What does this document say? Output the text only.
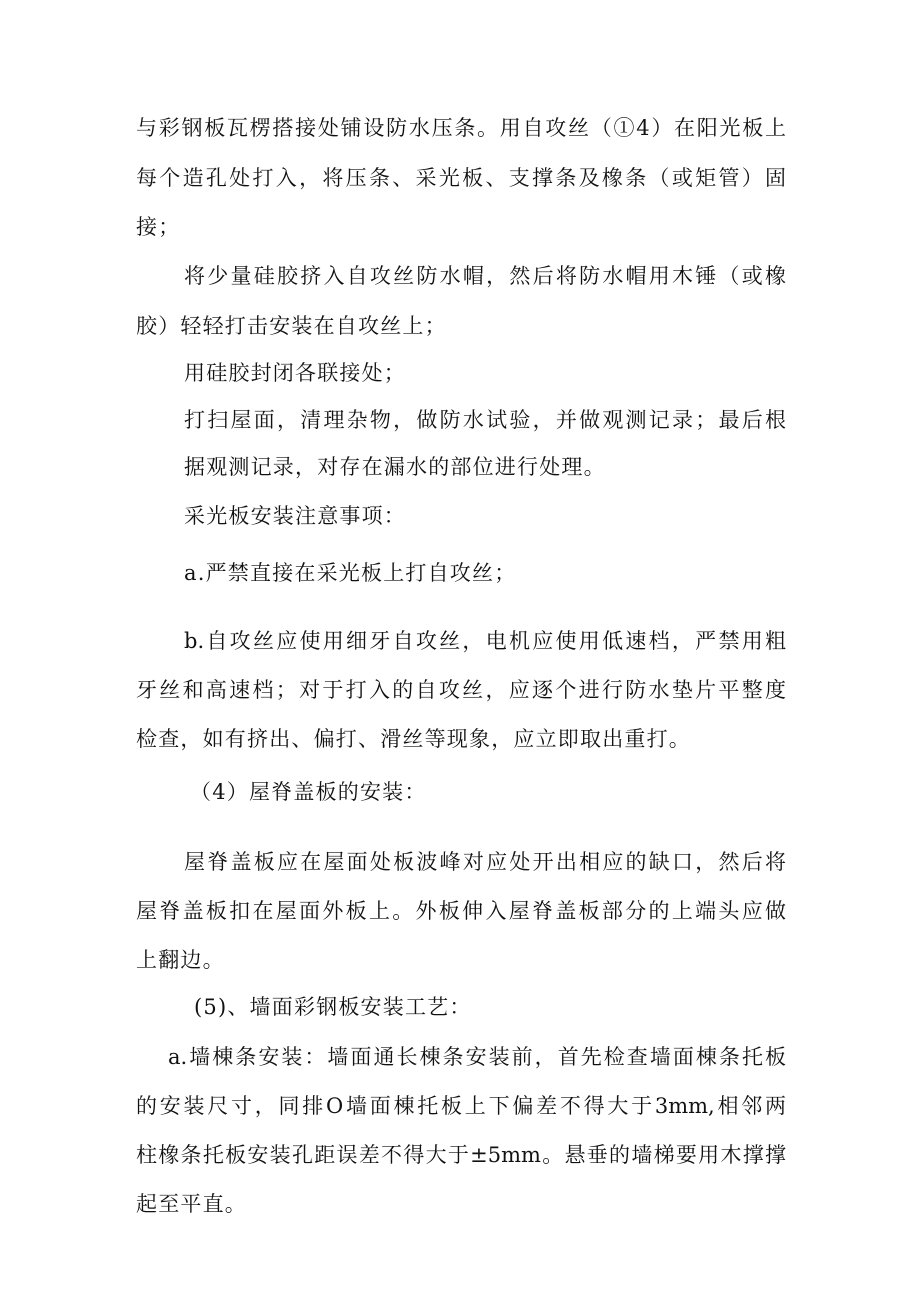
与彩钢板瓦楞搭接处铺设防水压条。用自攻丝（①4）在阳光板上
每个造孔处打入，将压条、采光板、支撑条及橡条（或矩管）固
接；
将少量硅胶挤入自攻丝防水帽，然后将防水帽用木锤（或橡
胶）轻轻打击安装在自攻丝上；
用硅胶封闭各联接处；
打扫屋面，清理杂物，做防水试验，并做观测记录；最后根
据观测记录，对存在漏水的部位进行处理。
采光板安装注意事项：
a.严禁直接在采光板上打自攻丝；
b.自攻丝应使用细牙自攻丝，电机应使用低速档，严禁用粗
牙丝和高速档；对于打入的自攻丝，应逐个进行防水垫片平整度
检查，如有挤出、偏打、滑丝等现象，应立即取出重打。
（4）屋脊盖板的安装：
屋脊盖板应在屋面处板波峰对应处开出相应的缺口，然后将
屋脊盖板扣在屋面外板上。外板伸入屋脊盖板部分的上端头应做
上翻边。
(5)、墙面彩钢板安装工艺：
a.墙棟条安装：墙面通长棟条安装前，首先检查墙面棟条托板
的安装尺寸，同排O墙面棟托板上下偏差不得大于3mm,相邻两
柱橡条托板安装孔距误差不得大于±5mm。悬垂的墙梯要用木撑撑
起至平直。
